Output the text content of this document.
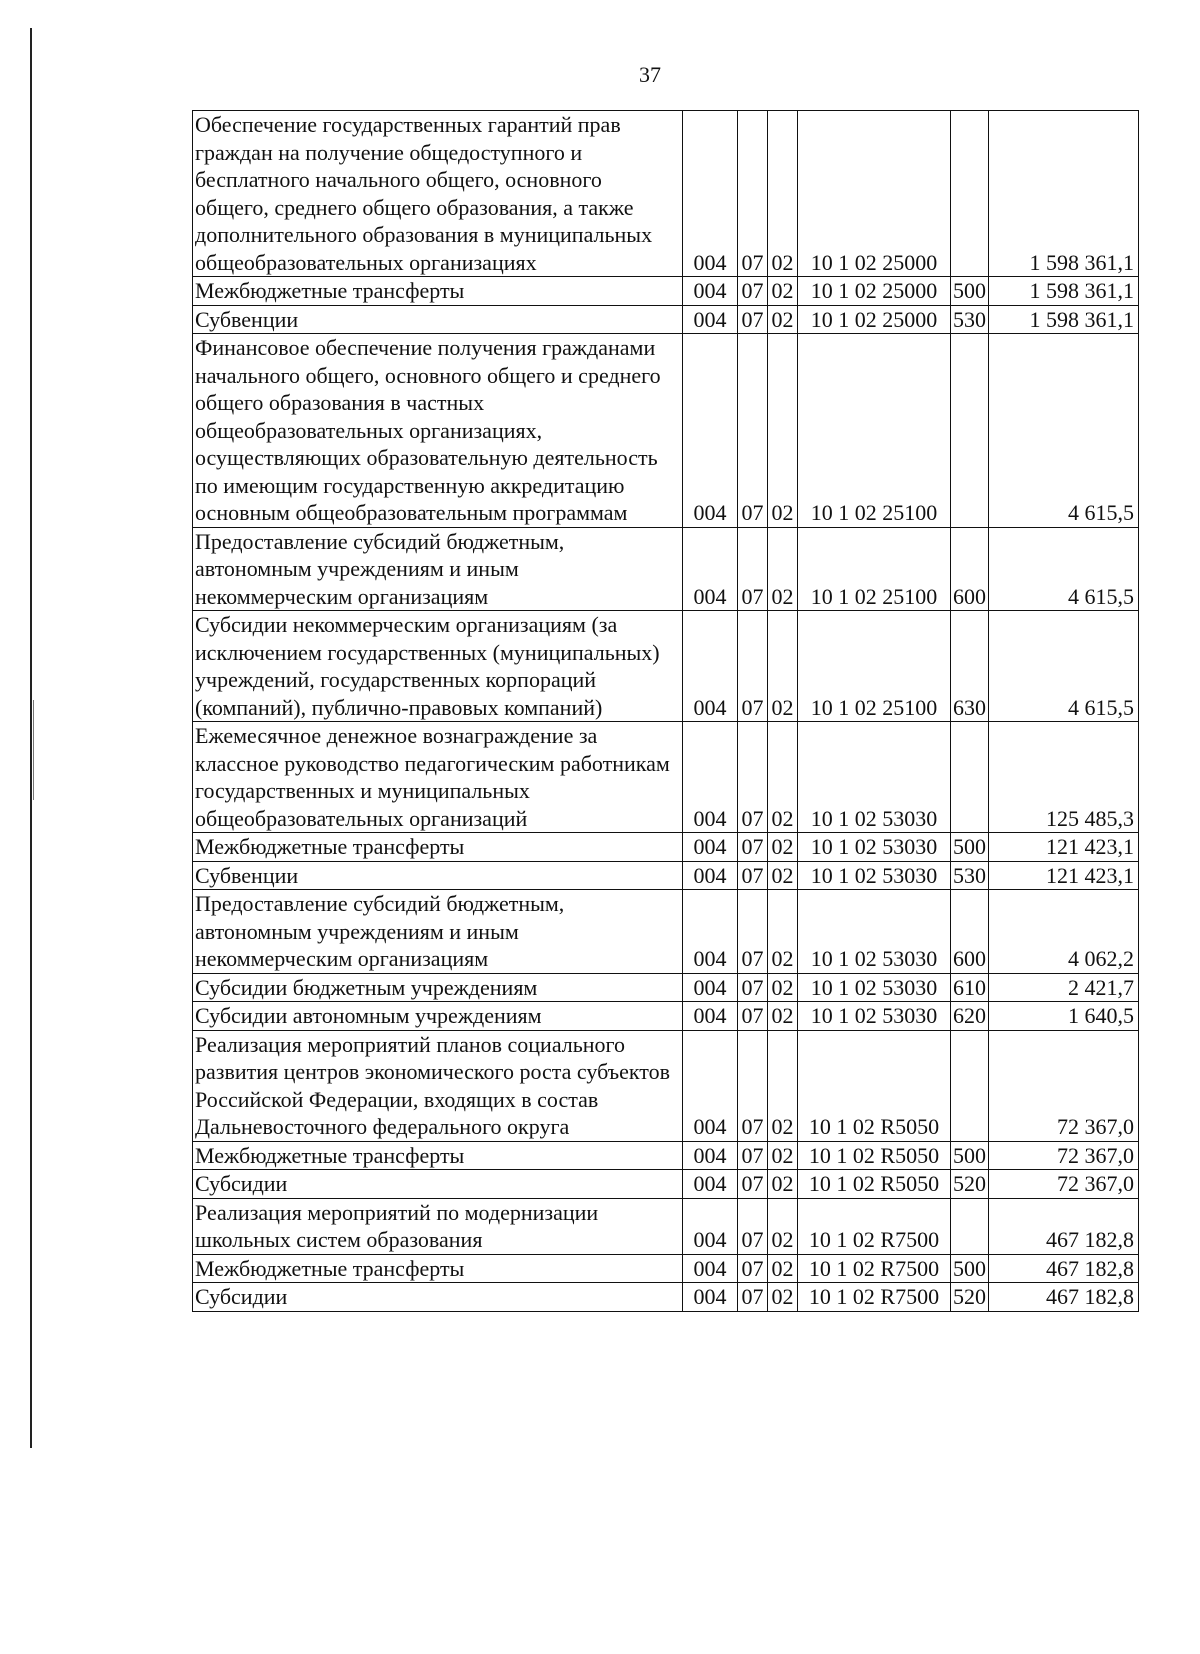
37
Обеспечение государственных гарантий прав граждан на получение общедоступного и бесплатного начального общего, основного общего, среднего общего образования, а также дополнительного образования в муниципальных общеобразовательных организациях	004	07	02	10 1 02 25000		1 598 361,1
Межбюджетные трансферты	004	07	02	10 1 02 25000	500	1 598 361,1
Субвенции	004	07	02	10 1 02 25000	530	1 598 361,1
Финансовое обеспечение получения гражданами начального общего, основного общего и среднего общего образования в частных общеобразовательных организациях, осуществляющих образовательную деятельность по имеющим государственную аккредитацию основным общеобразовательным программам	004	07	02	10 1 02 25100		4 615,5
Предоставление субсидий бюджетным, автономным учреждениям и иным некоммерческим организациям	004	07	02	10 1 02 25100	600	4 615,5
Субсидии некоммерческим организациям (за исключением государственных (муниципальных) учреждений, государственных корпораций (компаний), публично-правовых компаний)	004	07	02	10 1 02 25100	630	4 615,5
Ежемесячное денежное вознаграждение за классное руководство педагогическим работникам государственных и муниципальных общеобразовательных организаций	004	07	02	10 1 02 53030		125 485,3
Межбюджетные трансферты	004	07	02	10 1 02 53030	500	121 423,1
Субвенции	004	07	02	10 1 02 53030	530	121 423,1
Предоставление субсидий бюджетным, автономным учреждениям и иным некоммерческим организациям	004	07	02	10 1 02 53030	600	4 062,2
Субсидии бюджетным учреждениям	004	07	02	10 1 02 53030	610	2 421,7
Субсидии автономным учреждениям	004	07	02	10 1 02 53030	620	1 640,5
Реализация мероприятий планов социального развития центров экономического роста субъектов Российской Федерации, входящих в состав Дальневосточного федерального округа	004	07	02	10 1 02 R5050		72 367,0
Межбюджетные трансферты	004	07	02	10 1 02 R5050	500	72 367,0
Субсидии	004	07	02	10 1 02 R5050	520	72 367,0
Реализация мероприятий по модернизации школьных систем образования	004	07	02	10 1 02 R7500		467 182,8
Межбюджетные трансферты	004	07	02	10 1 02 R7500	500	467 182,8
Субсидии	004	07	02	10 1 02 R7500	520	467 182,8
